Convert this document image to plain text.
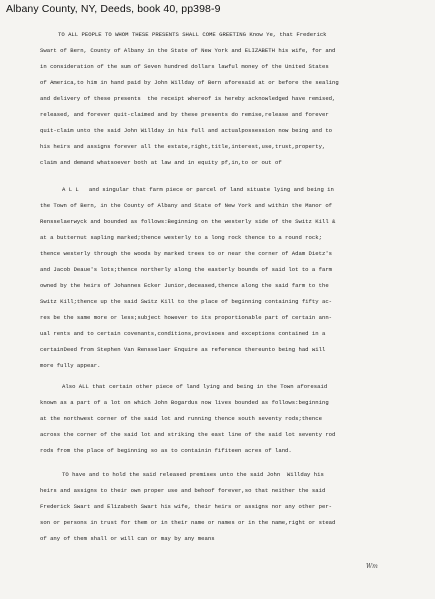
Albany County, NY, Deeds, book 40, pp398-9
TO ALL PEOPLE TO WHOM THESE PRESENTS SHALL COME GREETING Know Ye, that Frederick
Swart of Bern, County of Albany in the State of New York and ELIZABETH his wife, for and
in consideration of the sum of Seven hundred dollars lawful money of the United States
of America,to him in hand paid by John Willday of Bern aforesaid at or before the sealing
and delivery of these presents  the receipt whereof is hereby acknowledged have remised,
released, and forever quit-claimed and by these presents do remise,release and forever
quit-claim unto the said John Willday in his full and actualpossession now being and to
his heirs and assigns forever all the estate,right,title,interest,use,trust,property,
claim and demand whatsoever both at law and in equity pf,in,to or out of
A L L   and singular that farm piece or parcel of land situate lying and being in
the Town of Bern, in the County of Albany and State of New York and within the Manor of
Rensselaerwyck and bounded as follows:Beginning on the westerly side of the Switz Kill &
at a butternut sapling marked;thence westerly to a long rock thence to a round rock;
thence westerly through the woods by marked trees to or near the corner of Adam Dietz's
and Jacob Deaue's lots;thence northerly along the easterly bounds of said lot to a farm
owned by the heirs of Johannes Ecker Junior,deceased,thence along the said farm to the
Switz Kill;thence up the said Switz Kill to the place of beginning containing fifty ac-
res be the same more or less;subject however to its proportionable part of certain ann-
ual rents and to certain covenants,conditions,provisoes and exceptions contained in a
certainDeed from Stephen Van Rensselaer Enquire as reference thereunto being had will
more fully appear.
Also ALL that certain other piece of land lying and being in the Town aforesaid
known as a part of a lot on which John Bogardus now lives bounded as follows:beginning
at the northwest corner of the said lot and running thence south seventy rods;thence
across the corner of the said lot and striking the east line of the said lot seventy rod
rods from the place of beginning so as to containin fifiteen acres of land.
TO have and to hold the said released premises unto the said John  Willday his
heirs and assigns to their own proper use and behoof forever,so that neither the said
Frederick Swart and Elizabeth Swart his wife, their heirs or assigns nor any other per-
son or persons in trust for them or in their name or names or in the name,right or stead
of any of them shall or will can or may by any means
Wm
